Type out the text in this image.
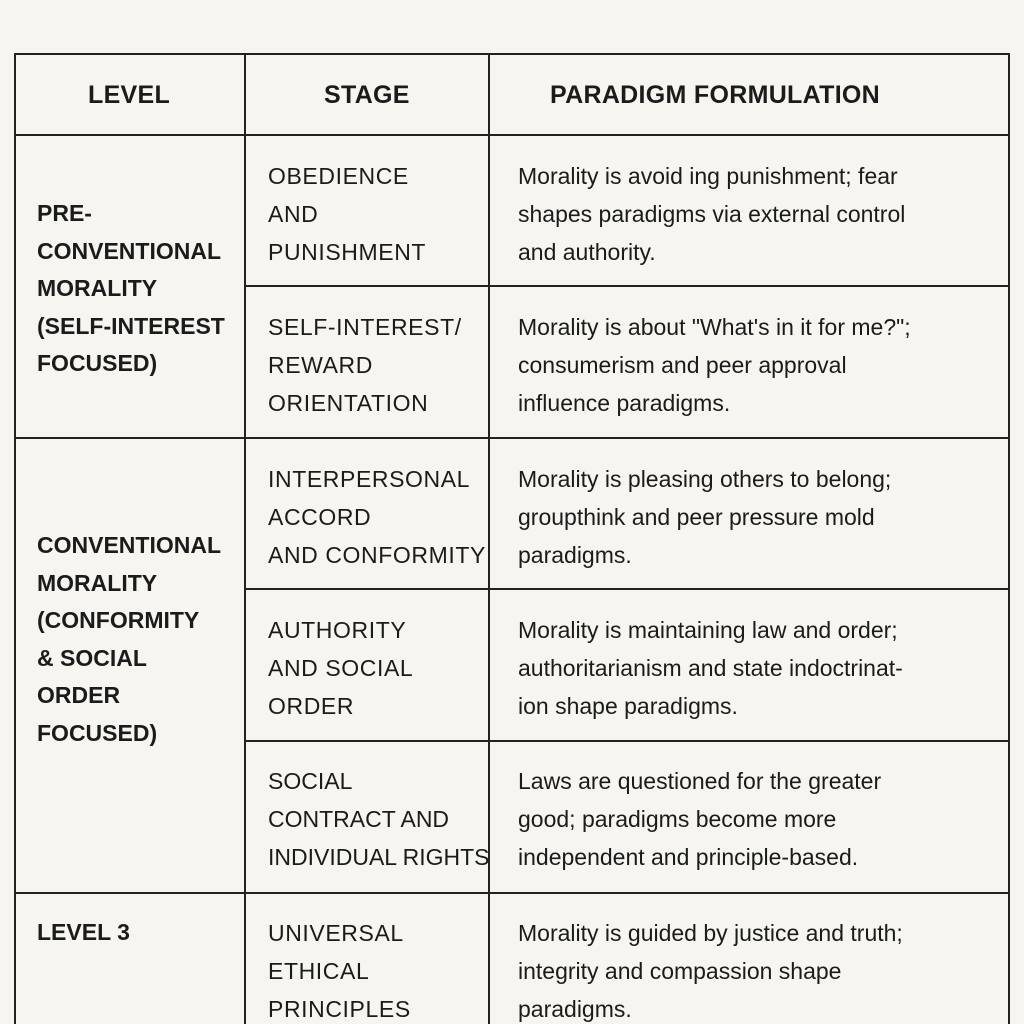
LEVEL	STAGE	PARADIGM FORMULATION
PRE-
CONVENTIONAL
MORALITY
(SELF-INTEREST
FOCUSED)
CONVENTIONAL
MORALITY
(CONFORMITY
& SOCIAL
ORDER
FOCUSED)
LEVEL 3
OBEDIENCE
AND
PUNISHMENT
SELF-INTEREST/
REWARD
ORIENTATION
INTERPERSONAL
ACCORD
AND CONFORMITY
AUTHORITY
AND SOCIAL
ORDER
SOCIAL
CONTRACT AND
INDIVIDUAL RIGHTS
UNIVERSAL
ETHICAL
PRINCIPLES
Morality is avoid ing punishment; fear
shapes paradigms via external control
and authority.
Morality is about "What's in it for me?";
consumerism and peer approval
influence paradigms.
Morality is pleasing others to belong;
groupthink and peer pressure mold
paradigms.
Morality is maintaining law and order;
authoritarianism and state indoctrinat-
ion shape paradigms.
Laws are questioned for the greater
good; paradigms become more
independent and principle-based.
Morality is guided by justice and truth;
integrity and compassion shape
paradigms.
